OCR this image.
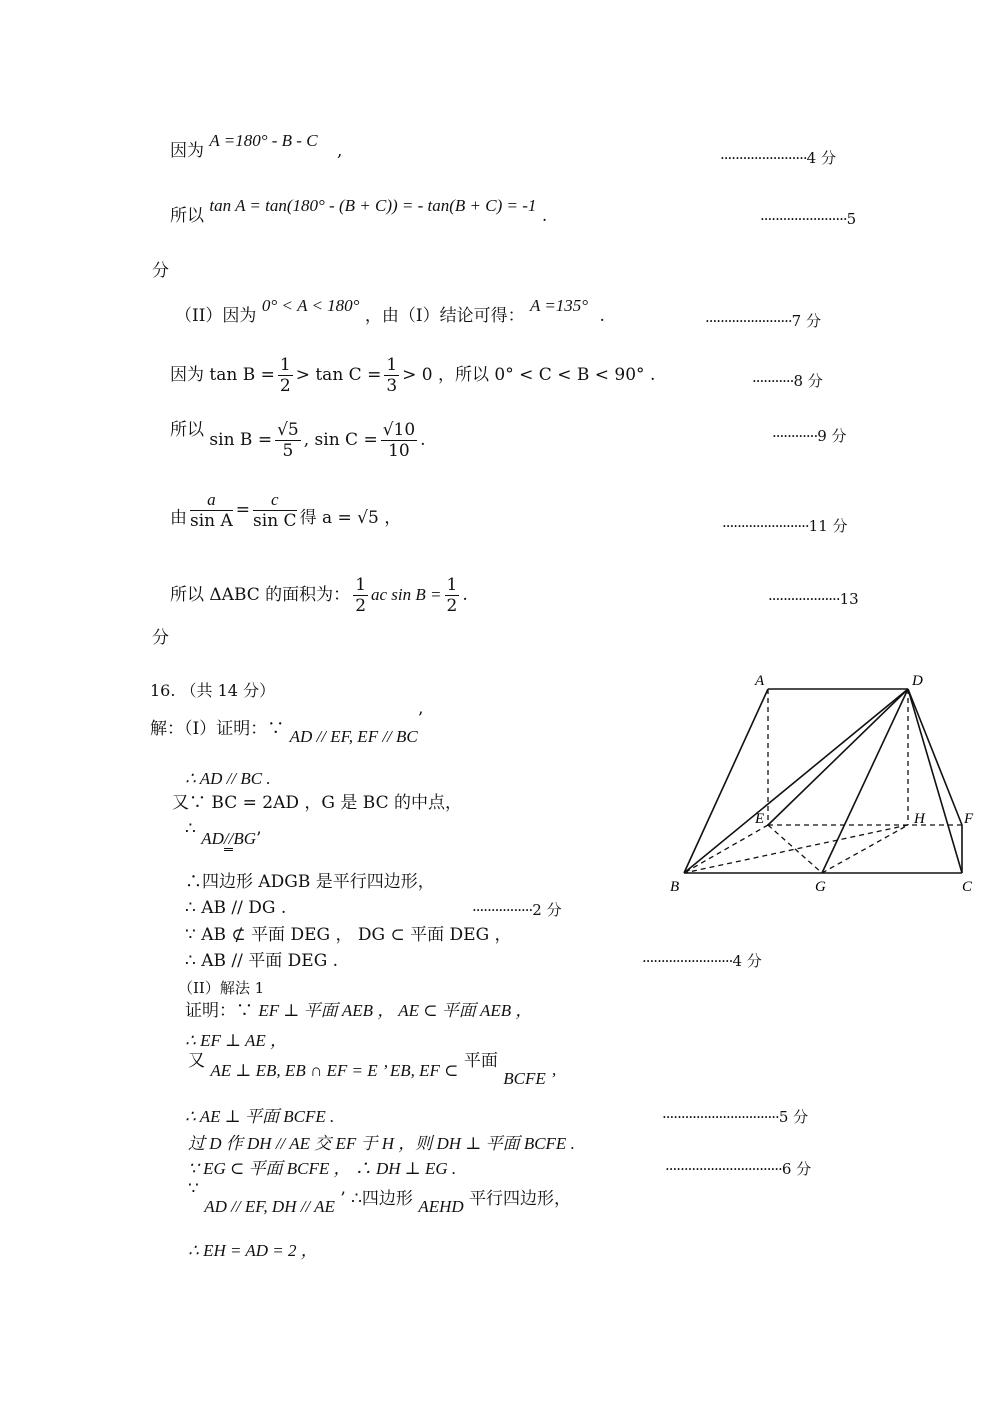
因为 A =180° - B - C ,	·······················4 分
所以 tan A = tan(180° - (B + C)) = - tan(B + C) = -1 .	·······················5
分
（II）因为 0° < A < 180° ，由（I）结论可得： A =135° .	·······················7 分
因为 $\tan B = \frac{1}{2} > \tan C = \frac{1}{3} > 0$ ，所以 0° < C < B < 90° .	···········8 分
所以 $\sin B = \frac{√5}{5}$ , $\sin C = \frac{√10}{10}$ .	············9 分
由 $\frac{a}{\text{sin A}} = \frac{c}{\text{sin C}}$ 得 a = √5 ，	·······················11 分
所以 ΔABC 的面积为： $\frac{1}{2}$ ac $\sin B = \frac{1}{2}$ .	···················13
分
16. （共 14 分）
解：（I）证明：∵ AD // EF, EF // BC’
∴ AD // BC .
又∵ BC = 2AD ，G 是 BC 的中点，
∴ AD//BG’
∴四边形 ADGB 是平行四边形，
∴ AB // DG .	················2 分
∵ AB ⊄ 平面 DEG ， DG ⊂ 平面 DEG ，
∴ AB // 平面 DEG .	························4 分
（II）解法 1
证明：∵ EF ⊥ 平面 AEB ， AE ⊂ 平面 AEB ，
∴ EF ⊥ AE ，
又 AE ⊥ EB, EB ∩ EF = E ’ EB, EF ⊂ 平面 BCFE ’
∴ AE ⊥ 平面 BCFE .	·······························5 分
过 D 作 DH // AE 交 EF 于 H ，则 DH ⊥ 平面 BCFE .
∵ EG ⊂ 平面 BCFE ， ∴ DH ⊥ EG .	·······························6 分
∵ AD // EF, DH // AE ’ ∴四边形 AEHD 平行四边形，
∴ EH = AD = 2 ，
A	D
E	H	F
B	G	C
